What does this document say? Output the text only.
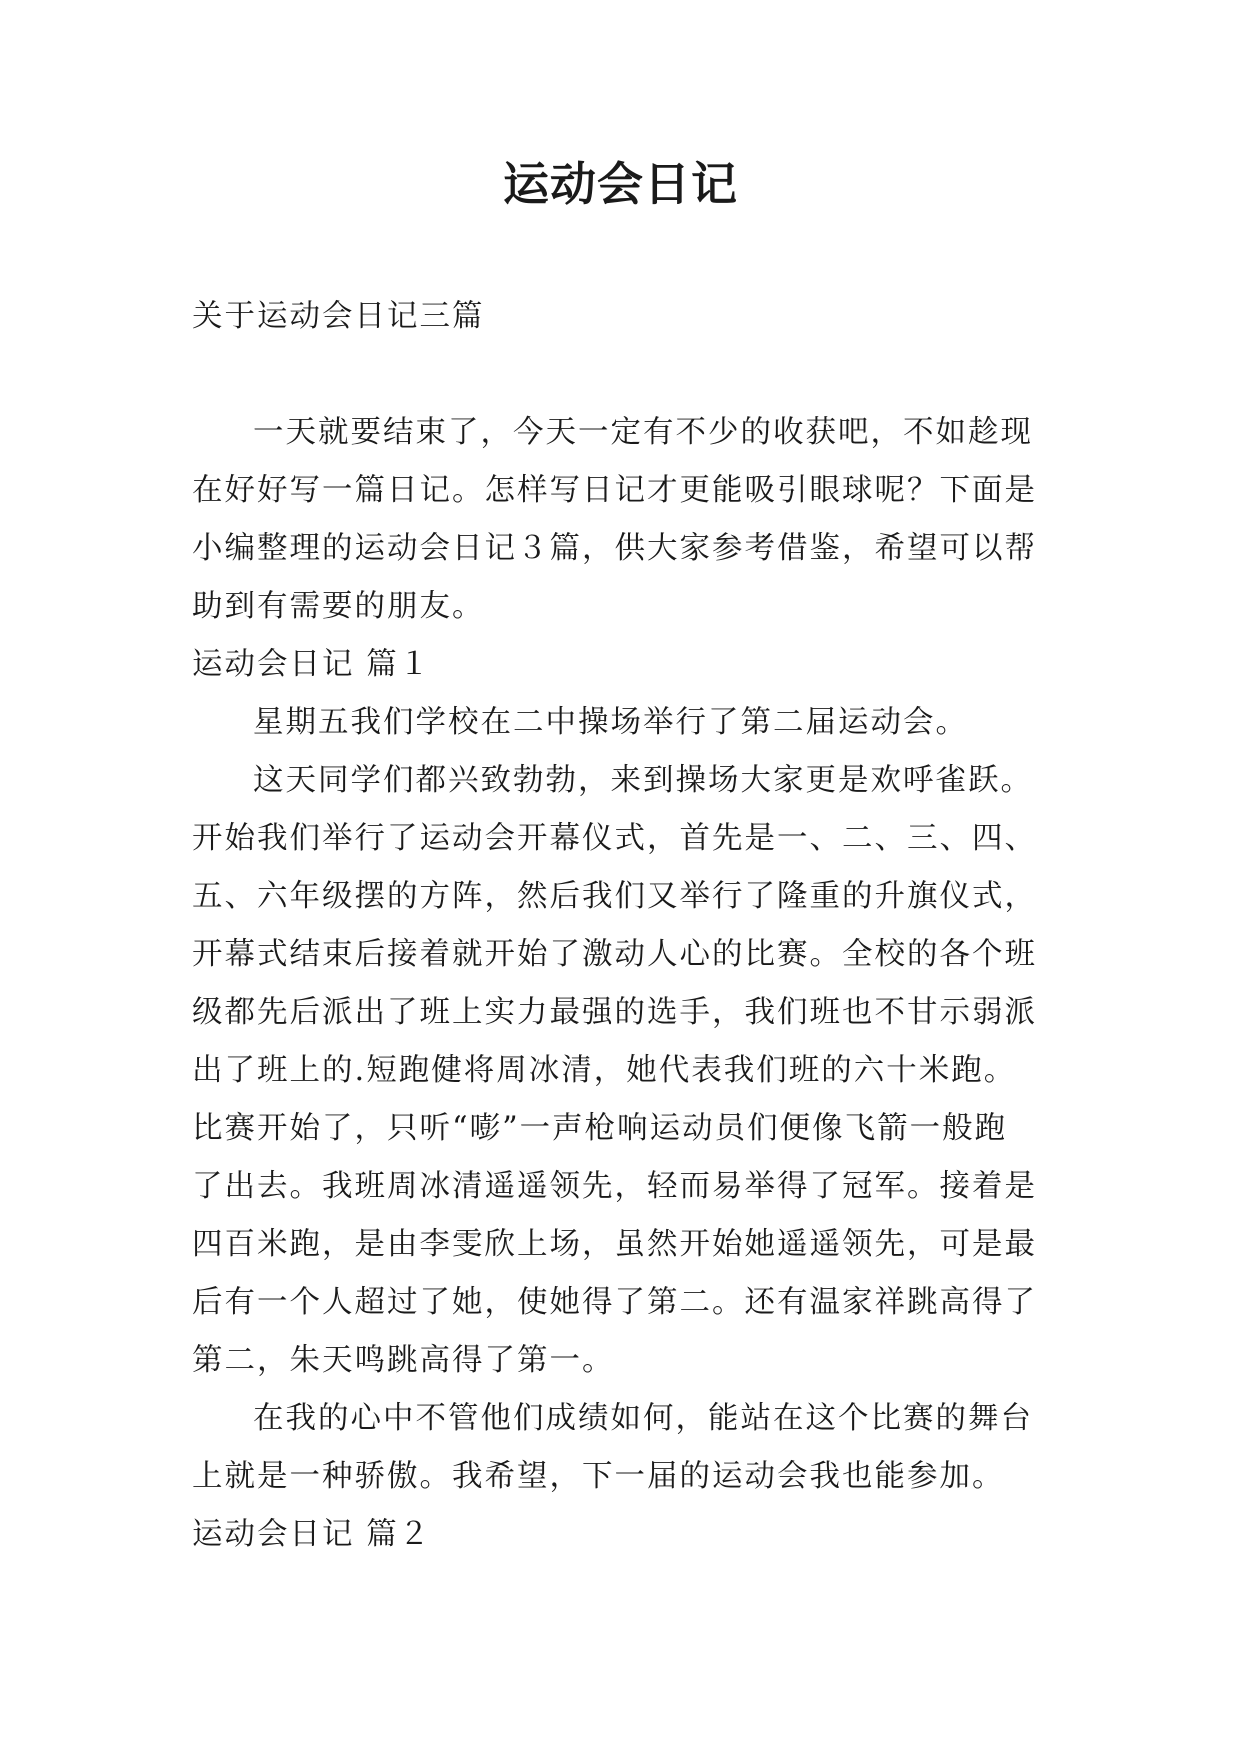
运动会日记

关于运动会日记三篇

一天就要结束了，今天一定有不少的收获吧，不如趁现
在好好写一篇日记。怎样写日记才更能吸引眼球呢？下面是
小编整理的运动会日记３篇，供大家参考借鉴，希望可以帮
助到有需要的朋友。

运动会日记 篇１

星期五我们学校在二中操场举行了第二届运动会。

这天同学们都兴致勃勃，来到操场大家更是欢呼雀跃。
开始我们举行了运动会开幕仪式，首先是一、二、三、四、
五、六年级摆的方阵，然后我们又举行了隆重的升旗仪式，
开幕式结束后接着就开始了激动人心的比赛。全校的各个班
级都先后派出了班上实力最强的选手，我们班也不甘示弱派
出了班上的.短跑健将周冰清，她代表我们班的六十米跑。
比赛开始了，只听“嘭”一声枪响运动员们便像飞箭一般跑
了出去。我班周冰清遥遥领先，轻而易举得了冠军。接着是
四百米跑，是由李雯欣上场，虽然开始她遥遥领先，可是最
后有一个人超过了她，使她得了第二。还有温家祥跳高得了
第二，朱天鸣跳高得了第一。

在我的心中不管他们成绩如何，能站在这个比赛的舞台
上就是一种骄傲。我希望，下一届的运动会我也能参加。

运动会日记 篇２
